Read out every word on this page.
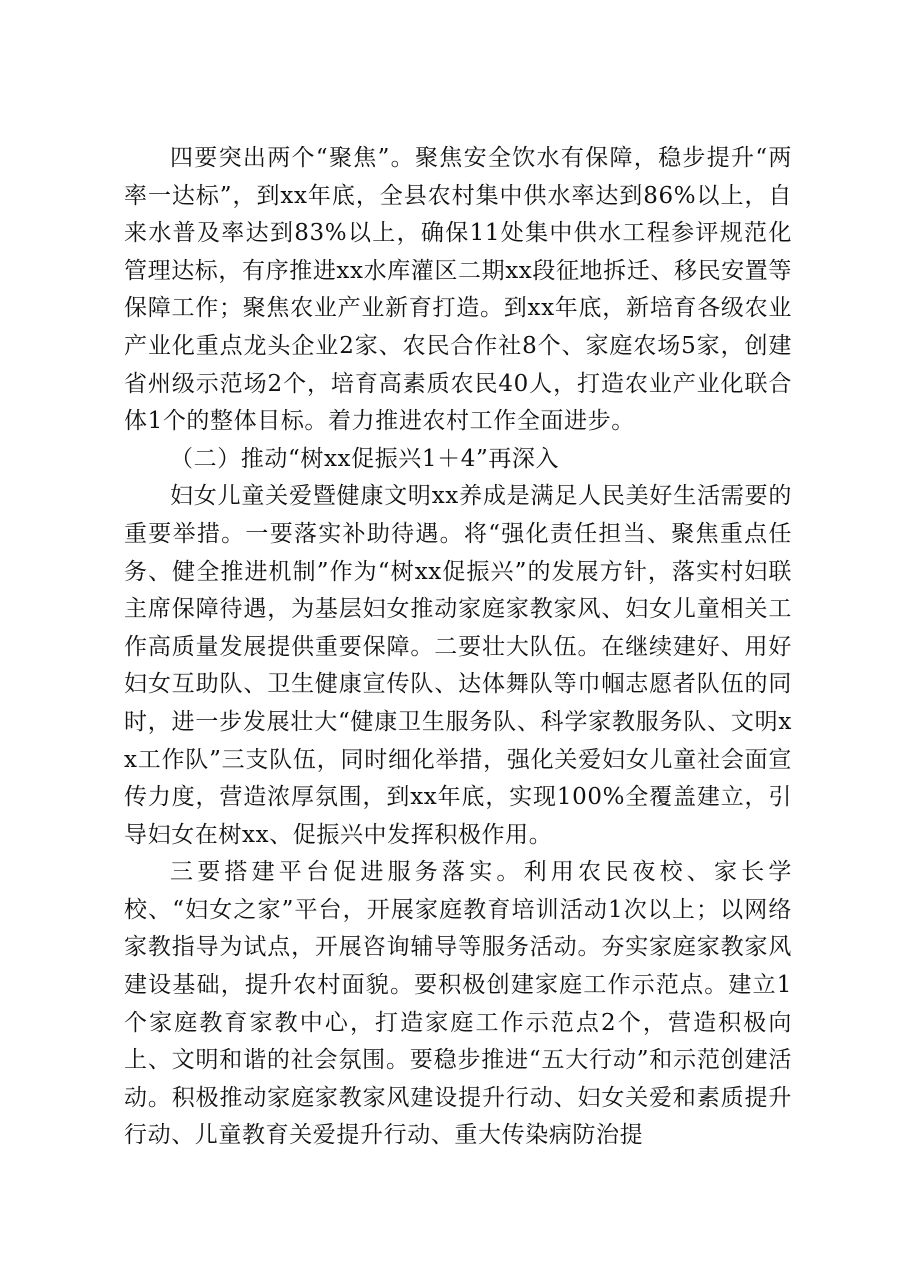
四要突出两个“聚焦”。聚焦安全饮水有保障，稳步提升“两率一达标”，到xx年底，全县农村集中供水率达到86%以上，自来水普及率达到83%以上，确保11处集中供水工程参评规范化管理达标，有序推进xx水库灌区二期xx段征地拆迁、移民安置等保障工作；聚焦农业产业新育打造。到xx年底，新培育各级农业产业化重点龙头企业2家、农民合作社8个、家庭农场5家，创建省州级示范场2个，培育高素质农民40人，打造农业产业化联合体1个的整体目标。着力推进农村工作全面进步。

（二）推动“树xx促振兴1＋4”再深入

妇女儿童关爱暨健康文明xx养成是满足人民美好生活需要的重要举措。一要落实补助待遇。将“强化责任担当、聚焦重点任务、健全推进机制”作为“树xx促振兴”的发展方针，落实村妇联主席保障待遇，为基层妇女推动家庭家教家风、妇女儿童相关工作高质量发展提供重要保障。二要壮大队伍。在继续建好、用好妇女互助队、卫生健康宣传队、达体舞队等巾帼志愿者队伍的同时，进一步发展壮大“健康卫生服务队、科学家教服务队、文明xx工作队”三支队伍，同时细化举措，强化关爱妇女儿童社会面宣传力度，营造浓厚氛围，到xx年底，实现100%全覆盖建立，引导妇女在树xx、促振兴中发挥积极作用。

三要搭建平台促进服务落实。利用农民夜校、家长学校、“妇女之家”平台，开展家庭教育培训活动1次以上；以网络家教指导为试点，开展咨询辅导等服务活动。夯实家庭家教家风建设基础，提升农村面貌。要积极创建家庭工作示范点。建立1个家庭教育家教中心，打造家庭工作示范点2个，营造积极向上、文明和谐的社会氛围。要稳步推进“五大行动”和示范创建活动。积极推动家庭家教家风建设提升行动、妇女关爱和素质提升行动、儿童教育关爱提升行动、重大传染病防治提
